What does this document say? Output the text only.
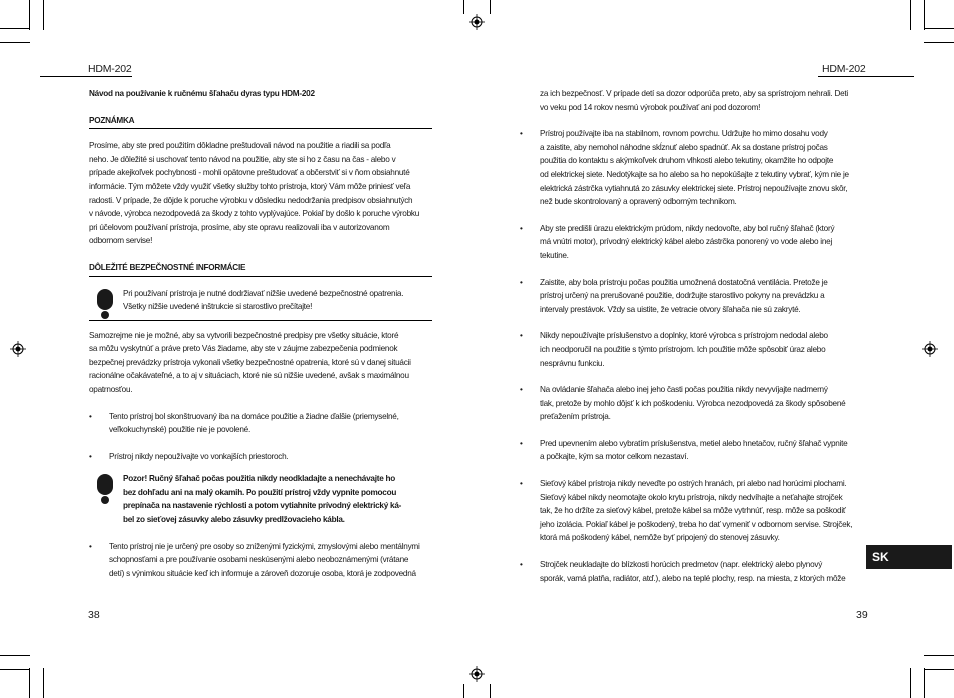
HDM-202	HDM-202

Návod na používanie k ručnému šľahaču dyras typu HDM-202

POZNÁMKA

Prosíme, aby ste pred použitím dôkladne preštudovali návod na použitie a riadili sa podľa

neho. Je dôležité si uschovať tento návod na použitie, aby ste si ho z času na čas - alebo v

prípade akejkoľvek pochybnosti - mohli opätovne preštudovať a občerstviť si v ňom obsiahnuté

informácie. Tým môžete vždy využiť všetky služby tohto prístroja, ktorý Vám môže priniesť veľa

radosti. V prípade, že dôjde k poruche výrobku v dôsledku nedodržania predpisov obsiahnutých

v návode, výrobca nezodpovedá za škody z tohto vyplývajúce. Pokiaľ by došlo k poruche výrobku

pri účelovom používaní prístroja, prosíme, aby ste opravu realizovali iba v autorizovanom

odbornom servise!

DÔLEŽITÉ BEZPEČNOSTNÉ INFORMÁCIE

Pri používaní prístroja je nutné dodržiavať nižšie uvedené bezpečnostné opatrenia.

Všetky nižšie uvedené inštrukcie si starostlivo prečítajte!

Samozrejme nie je možné, aby sa vytvorili bezpečnostné predpisy pre všetky situácie, ktoré

sa môžu vyskytnúť a práve preto Vás žiadame, aby ste v záujme zabezpečenia podmienok

bezpečnej prevádzky prístroja vykonali všetky bezpečnostné opatrenia, ktoré sú v danej situácii

racionálne očakávateľné, a to aj v situáciach, ktoré nie sú nižšie uvedené, avšak s maximálnou

opatrnosťou.

• Tento prístroj bol skonštruovaný iba na domáce použitie a žiadne ďalšie (priemyselné,

veľkokuchynské) použitie nie je povolené.

• Prístroj nikdy nepoužívajte vo vonkajších priestoroch.

Pozor! Ručný šľahač počas použitia nikdy neodkladajte a nenechávajte ho

bez dohľadu ani na malý okamih. Po použití prístroj vždy vypnite pomocou

prepínača na nastavenie rýchlosti a potom vytiahnite prívodný elektrický ká-

bel zo sieťovej zásuvky alebo zásuvky predlžovacieho kábla.

• Tento prístroj nie je určený pre osoby so zníženými fyzickými, zmyslovými alebo mentálnymi

schopnosťami a pre používanie osobami neskúsenými alebo neoboznámenými (vrátane

detí) s výnimkou situácie keď ich informuje a zároveň dozoruje osoba, ktorá je zodpovedná

38

za ich bezpečnosť. V prípade detí sa dozor odporúča preto, aby sa sprístrojom nehrali. Deti

vo veku pod 14 rokov nesmú výrobok používať ani pod dozorom!

• Prístroj používajte iba na stabilnom, rovnom povrchu. Udržujte ho mimo dosahu vody

a zaistite, aby nemohol náhodne skĺznuť alebo spadnúť. Ak sa dostane prístroj počas

použitia do kontaktu s akýmkoľvek druhom vlhkosti alebo tekutiny, okamžite ho odpojte

od elektrickej siete. Nedotýkajte sa ho alebo sa ho nepokúšajte z tekutiny vybrať, kým nie je

elektrická zástrčka vytiahnutá zo zásuvky elektrickej siete. Prístroj nepoužívajte znovu skôr,

než bude skontrolovaný a opravený odborným technikom.

• Aby ste predišli úrazu elektrickým prúdom, nikdy nedovoľte, aby bol ručný šľahač (ktorý

má vnútri motor), prívodný elektrický kábel alebo zástrčka ponorený vo vode alebo inej

tekutine.

• Zaistite, aby bola prístroju počas použitia umožnená dostatočná ventilácia. Pretože je

prístroj určený na prerušované použitie, dodržujte starostlivo pokyny na prevádzku a

intervaly prestávok. Vždy sa uistite, že vetracie otvory šľahača nie sú zakryté.

• Nikdy nepoužívajte príslušenstvo a doplnky, ktoré výrobca s prístrojom nedodal alebo

ich neodporučil na použitie s týmto prístrojom. Ich použitie môže spôsobiť úraz alebo

nesprávnu funkciu.

• Na ovládanie šľahača alebo inej jeho časti počas použitia nikdy nevyvíjajte nadmerný

tlak, pretože by mohlo dôjsť k ich poškodeniu. Výrobca nezodpovedá za škody spôsobené

preťažením prístroja.

• Pred upevnením alebo vybratím príslušenstva, metiel alebo hnetačov, ručný šľahač vypnite

a počkajte, kým sa motor celkom nezastaví.

• Sieťový kábel prístroja nikdy neveďte po ostrých hranách, pri alebo nad horúcimi plochami.

Sieťový kábel nikdy neomotajte okolo krytu prístroja, nikdy nedvíhajte a neťahajte strojček

tak, že ho držíte za sieťový kábel, pretože kábel sa môže vytrhnúť, resp. môže sa poškodiť

jeho izolácia. Pokiaľ kábel je poškodený, treba ho dať vymeniť v odbornom servise. Strojček,

ktorá má poškodený kábel, nemôže byť pripojený do stenovej zásuvky.

• Strojček neukladajte do blízkosti horúcich predmetov (napr. elektrický alebo plynový

sporák, vamá platňa, radiátor, atď.), alebo na teplé plochy, resp. na miesta, z ktorých môže

SK
39
